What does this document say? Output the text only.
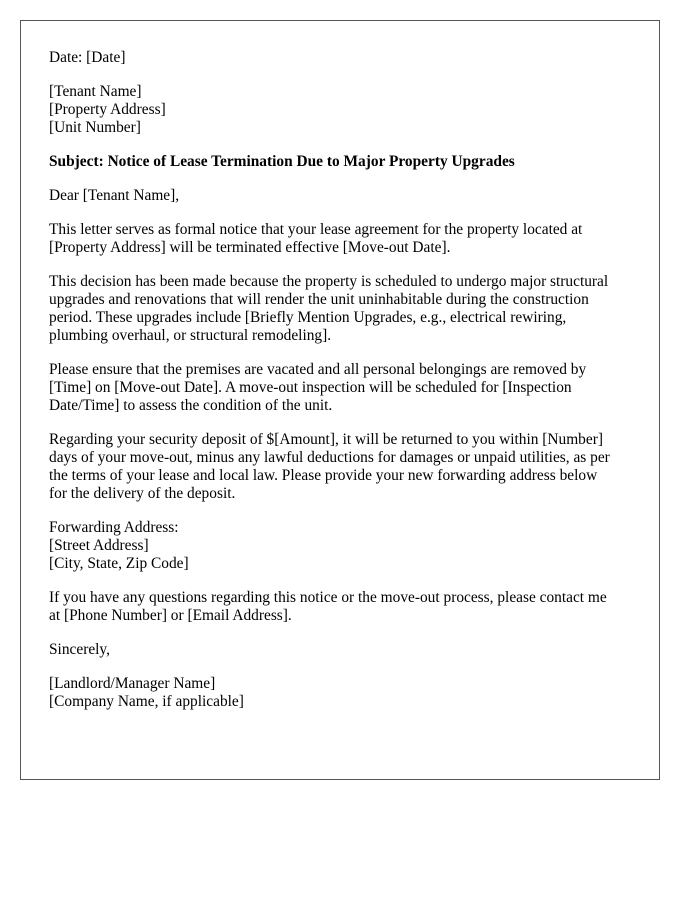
Date: [Date]
[Tenant Name]
[Property Address]
[Unit Number]
Subject: Notice of Lease Termination Due to Major Property Upgrades
Dear [Tenant Name],
This letter serves as formal notice that your lease agreement for the property located at
[Property Address] will be terminated effective [Move-out Date].
This decision has been made because the property is scheduled to undergo major structural
upgrades and renovations that will render the unit uninhabitable during the construction
period. These upgrades include [Briefly Mention Upgrades, e.g., electrical rewiring,
plumbing overhaul, or structural remodeling].
Please ensure that the premises are vacated and all personal belongings are removed by
[Time] on [Move-out Date]. A move-out inspection will be scheduled for [Inspection
Date/Time] to assess the condition of the unit.
Regarding your security deposit of $[Amount], it will be returned to you within [Number]
days of your move-out, minus any lawful deductions for damages or unpaid utilities, as per
the terms of your lease and local law. Please provide your new forwarding address below
for the delivery of the deposit.
Forwarding Address:
[Street Address]
[City, State, Zip Code]
If you have any questions regarding this notice or the move-out process, please contact me
at [Phone Number] or [Email Address].
Sincerely,
[Landlord/Manager Name]
[Company Name, if applicable]
